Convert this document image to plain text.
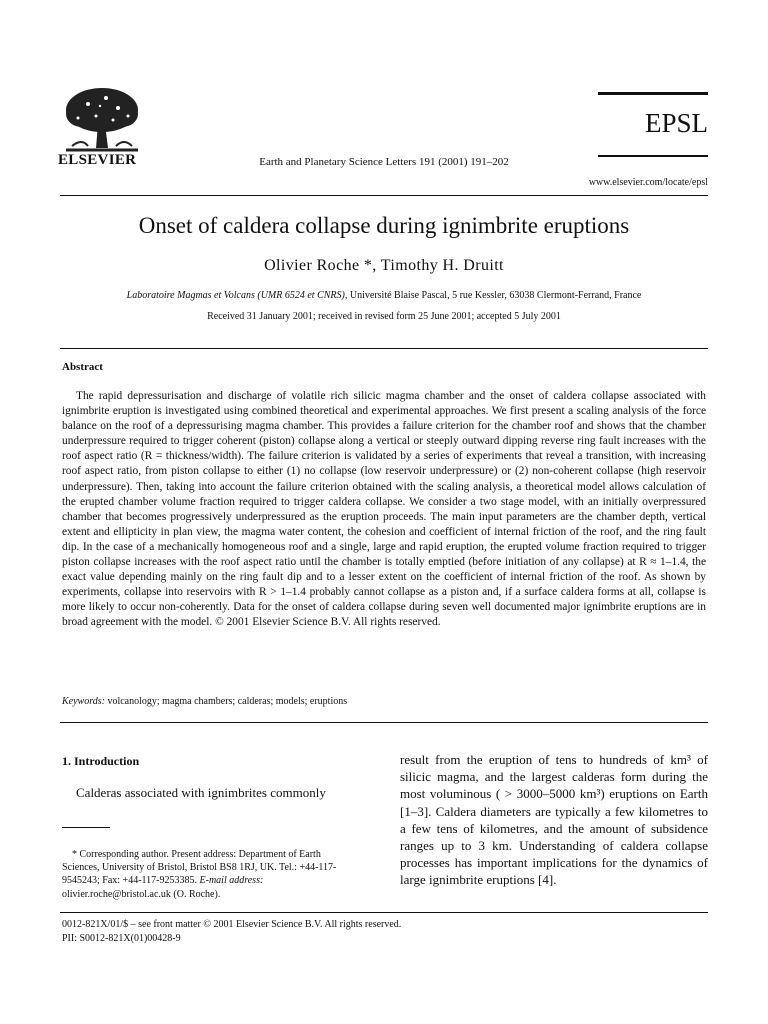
ELSEVIER	Earth and Planetary Science Letters 191 (2001) 191–202
EPSL
www.elsevier.com/locate/epsl
Onset of caldera collapse during ignimbrite eruptions
Olivier Roche *, Timothy H. Druitt
Laboratoire Magmas et Volcans (UMR 6524 et CNRS), Université Blaise Pascal, 5 rue Kessler, 63038 Clermont-Ferrand, France
Received 31 January 2001; received in revised form 25 June 2001; accepted 5 July 2001
Abstract

The rapid depressurisation and discharge of volatile rich silicic magma chamber and the onset of caldera collapse associated with ignimbrite eruption is investigated using combined theoretical and experimental approaches. We first present a scaling analysis of the force balance on the roof of a depressurising magma chamber. This provides a failure criterion for the chamber roof and shows that the chamber underpressure required to trigger coherent (piston) collapse along a vertical or steeply outward dipping reverse ring fault increases with the roof aspect ratio (R = thickness/width). The failure criterion is validated by a series of experiments that reveal a transition, with increasing roof aspect ratio, from piston collapse to either (1) no collapse (low reservoir underpressure) or (2) non-coherent collapse (high reservoir underpressure). Then, taking into account the failure criterion obtained with the scaling analysis, a theoretical model allows calculation of the erupted chamber volume fraction required to trigger caldera collapse. We consider a two stage model, with an initially overpressured chamber that becomes progressively underpressured as the eruption proceeds. The main input parameters are the chamber depth, vertical extent and ellipticity in plan view, the magma water content, the cohesion and coefficient of internal friction of the roof, and the ring fault dip. In the case of a mechanically homogeneous roof and a single, large and rapid eruption, the erupted volume fraction required to trigger piston collapse increases with the roof aspect ratio until the chamber is totally emptied (before initiation of any collapse) at R ≈ 1–1.4, the exact value depending mainly on the ring fault dip and to a lesser extent on the coefficient of internal friction of the roof. As shown by experiments, collapse into reservoirs with R > 1–1.4 probably cannot collapse as a piston and, if a surface caldera forms at all, collapse is more likely to occur non-coherently. Data for the onset of caldera collapse during seven well documented major ignimbrite eruptions are in broad agreement with the model. © 2001 Elsevier Science B.V. All rights reserved.

Keywords: volcanology; magma chambers; calderas; models; eruptions
1. Introduction

Calderas associated with ignimbrites commonly

* Corresponding author. Present address: Department of Earth Sciences, University of Bristol, Bristol BS8 1RJ, UK. Tel.: +44-117-9545243; Fax: +44-117-9253385. E-mail address: olivier.roche@bristol.ac.uk (O. Roche).

result from the eruption of tens to hundreds of km³ of silicic magma, and the largest calderas form during the most voluminous ( > 3000–5000 km³) eruptions on Earth [1–3]. Caldera diameters are typically a few kilometres to a few tens of kilometres, and the amount of subsidence ranges up to 3 km. Understanding of caldera collapse processes has important implications for the dynamics of large ignimbrite eruptions [4].

0012-821X/01/$ – see front matter © 2001 Elsevier Science B.V. All rights reserved.
PII: S0012-821X(01)00428-9
